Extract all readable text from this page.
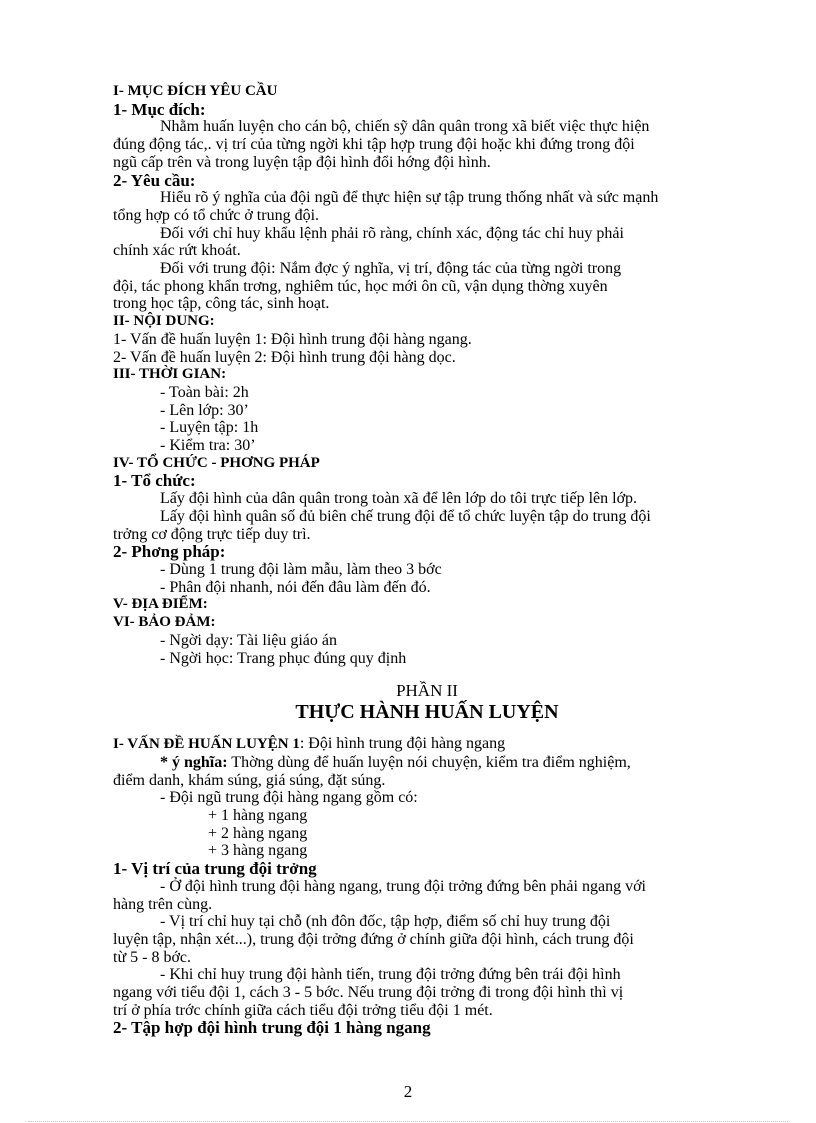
I- MỤC ĐÍCH YÊU CẦU
1- Mục đích:
Nhằm huấn luyện cho cán bộ, chiến sỹ dân quân trong xã biết việc thực hiện
đúng động tác,. vị trí của từng ngời khi tập hợp trung đội hoặc khi đứng trong đội
ngũ cấp trên và trong luyện tập đội hình đổi hớng đội hình.
2- Yêu cầu:
Hiểu rõ ý nghĩa của đội ngũ để thực hiện sự tập trung thống nhất và sức mạnh
tổng hợp có tổ chức ở trung đội.
Đối với chỉ huy khẩu lệnh phải rõ ràng, chính xác, động tác chỉ huy phải
chính xác rứt khoát.
Đối với trung đội: Nắm đợc ý nghĩa, vị trí, động tác của từng ngời trong
đội, tác phong khẩn trơng, nghiêm túc, học mới ôn cũ, vận dụng thờng xuyên
trong học tập, công tác, sinh hoạt.
II- NỘI DUNG:
1- Vấn đề huấn luyện 1: Đội hình trung đội hàng ngang.
2- Vấn đề huấn luyện 2: Đội hình trung đội hàng dọc.
III- THỜI GIAN:
- Toàn bài: 2h
- Lên lớp: 30’
- Luyện tập: 1h
- Kiểm tra: 30’
IV- TỔ CHỨC - PHƠNG PHÁP
1- Tổ chức:
Lấy đội hình của dân quân trong toàn xã để lên lớp do tôi trực tiếp lên lớp.
Lấy đội hình quân số đủ biên chế trung đội để tổ chức luyện tập do trung đội
trởng cơ động trực tiếp duy trì.
2- Phơng pháp:
- Dùng 1 trung đội làm mẫu, làm theo 3 bớc
- Phân đội nhanh, nói đến đâu làm đến đó.
V- ĐỊA ĐIỂM:
VI- BẢO ĐẢM:
- Ngời dạy: Tài liệu giáo án
- Ngời học: Trang phục đúng quy định
PHẦN II
THỰC HÀNH HUẤN LUYỆN
I- VẤN ĐỀ HUẤN LUYỆN 1: Đội hình trung đội hàng ngang
* ý nghĩa: Thờng dùng để huấn luyện nói chuyện, kiểm tra điểm nghiệm,
điểm danh, khám súng, giá súng, đặt súng.
- Đội ngũ trung đội hàng ngang gồm có:
+ 1 hàng ngang
+ 2 hàng ngang
+ 3 hàng ngang
1- Vị trí của trung đội trởng
- Ở đội hình trung đội hàng ngang, trung đội trởng đứng bên phải ngang với
hàng trên cùng.
- Vị trí chỉ huy tại chỗ (nh đôn đốc, tập hợp, điểm số chỉ huy trung đội
luyện tập, nhận xét...), trung đội trởng đứng ở chính giữa đội hình, cách trung đội
từ 5 - 8 bớc.
- Khi chỉ huy trung đội hành tiến, trung đội trởng đứng bên trái đội hình
ngang với tiểu đội 1, cách 3 - 5 bớc. Nếu trung đội trởng đi trong đội hình thì vị
trí ở phía trớc chính giữa cách tiểu đội trởng tiểu đội 1 mét.
2- Tập hợp đội hình trung đội 1 hàng ngang
2
